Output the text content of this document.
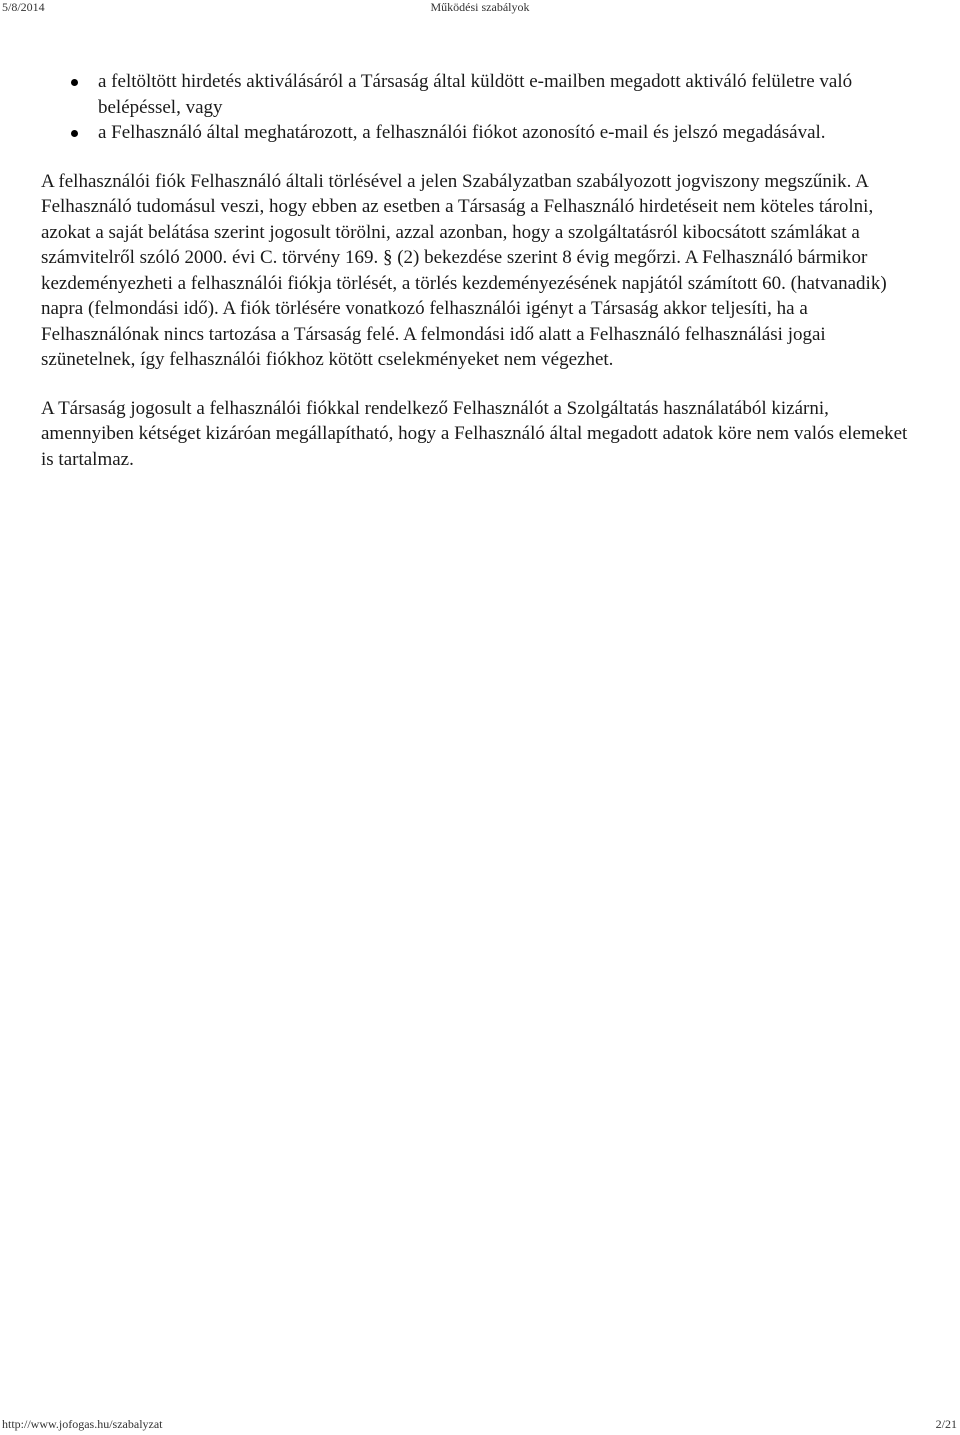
5/8/2014	Működési szabályok
a feltöltött hirdetés aktiválásáról a Társaság által küldött e-mailben megadott aktiváló felületre való belépéssel, vagy
a Felhasználó által meghatározott, a felhasználói fiókot azonosító e-mail és jelszó megadásával.

A felhasználói fiók Felhasználó általi törlésével a jelen Szabályzatban szabályozott jogviszony megszűnik. A Felhasználó tudomásul veszi, hogy ebben az esetben a Társaság a Felhasználó hirdetéseit nem köteles tárolni, azokat a saját belátása szerint jogosult törölni, azzal azonban, hogy a szolgáltatásról kibocsátott számlákat a számvitelről szóló 2000. évi C. törvény 169. § (2) bekezdése szerint 8 évig megőrzi. A Felhasználó bármikor kezdeményezheti a felhasználói fiókja törlését, a törlés kezdeményezésének napjától számított 60. (hatvanadik) napra (felmondási idő). A fiók törlésére vonatkozó felhasználói igényt a Társaság akkor teljesíti, ha a Felhasználónak nincs tartozása a Társaság felé. A felmondási idő alatt a Felhasználó felhasználási jogai szünetelnek, így felhasználói fiókhoz kötött cselekményeket nem végezhet.

A Társaság jogosult a felhasználói fiókkal rendelkező Felhasználót a Szolgáltatás használatából kizárni, amennyiben kétséget kizáróan megállapítható, hogy a Felhasználó által megadott adatok köre nem valós elemeket is tartalmaz.

http://www.jofogas.hu/szabalyzat	2/21
